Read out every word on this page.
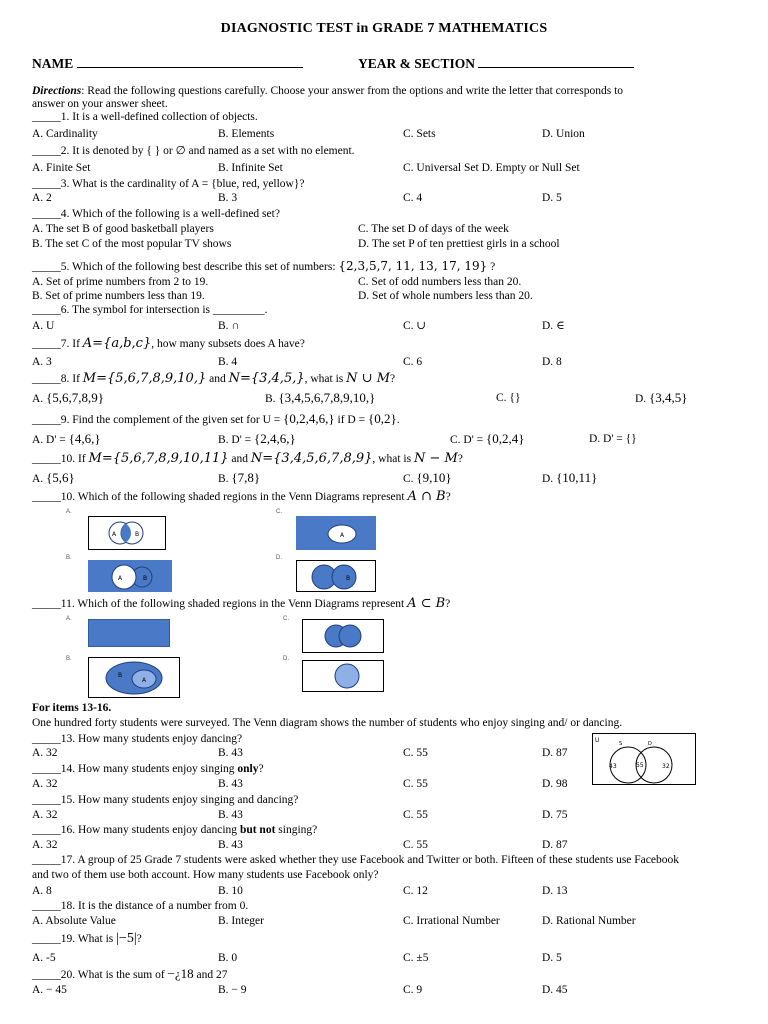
DIAGNOSTIC TEST in GRADE 7 MATHEMATICS
NAME	YEAR & SECTION
Directions: Read the following questions carefully. Choose your answer from the options and write the letter that corresponds to
answer on your answer sheet.
_____1. It is a well-defined collection of objects.
A. Cardinality	B. Elements	C. Sets	D. Union
_____2. It is denoted by { } or ∅ and named as a set with no element.
A. Finite Set	B. Infinite Set	C. Universal Set D. Empty or Null Set
_____3. What is the cardinality of A = {blue, red, yellow}?
A. 2	B. 3	C. 4	D. 5
_____4. Which of the following is a well-defined set?
A. The set B of good basketball players	C. The set D of days of the week
B. The set C of the most popular TV shows	D. The set P of ten prettiest girls in a school
_____5. Which of the following best describe this set of numbers: {2,3,5,7, 11, 13, 17, 19} ?
A. Set of prime numbers from 2 to 19.	C. Set of odd numbers less than 20.
B. Set of prime numbers less than 19.	D. Set of whole numbers less than 20.
_____6. The symbol for intersection is _________.
A. U	B. ∩	C. ∪	D. ∈
_____7. If A={a,b,c}, how many subsets does A have?
A. 3	B. 4	C. 6	D. 8
_____8. If M={5,6,7,8,9,10,} and N={3,4,5,}, what is N ∪ M?
A. {5,6,7,8,9}	B. {3,4,5,6,7,8,9,10,}	C. {}	D. {3,4,5}
_____9. Find the complement of the given set for U = {0,2,4,6,} if D = {0,2}.
A. D' = {4,6,}	B. D' = {2,4,6,}	C. D' = {0,2,4}	D. D' = {}
_____10. If M={5,6,7,8,9,10,11} and N={3,4,5,6,7,8,9}, what is N − M?
A. {5,6}	B. {7,8}	C. {9,10}	D. {10,11}
_____10. Which of the following shaded regions in the Venn Diagrams represent A ∩ B?
A.
A	B
C.
A
B.
A	B
D.
B
_____11. Which of the following shaded regions in the Venn Diagrams represent A ⊂ B?
A.	C.
B.
B
A
D.
For items 13-16.
One hundred forty students were surveyed. The Venn diagram shows the number of students who enjoy singing and/ or dancing.
U	S	D
43	55	32
_____13. How many students enjoy dancing?
A. 32	B. 43	C. 55	D. 87
_____14. How many students enjoy singing only?
A. 32	B. 43	C. 55	D. 98
_____15. How many students enjoy singing and dancing?
A. 32	B. 43	C. 55	D. 75
_____16. How many students enjoy dancing but not singing?
A. 32	B. 43	C. 55	D. 87
_____17. A group of 25 Grade 7 students were asked whether they use Facebook and Twitter or both. Fifteen of these students use Facebook
and two of them use both account. How many students use Facebook only?
A. 8	B. 10	C. 12	D. 13
_____18. It is the distance of a number from 0.
A. Absolute Value	B. Integer	C. Irrational Number	D. Rational Number
_____19. What is |−5|?
A. -5	B. 0	C. ±5	D. 5
_____20. What is the sum of −¿18 and 27
A. − 45	B. − 9	C. 9	D. 45
